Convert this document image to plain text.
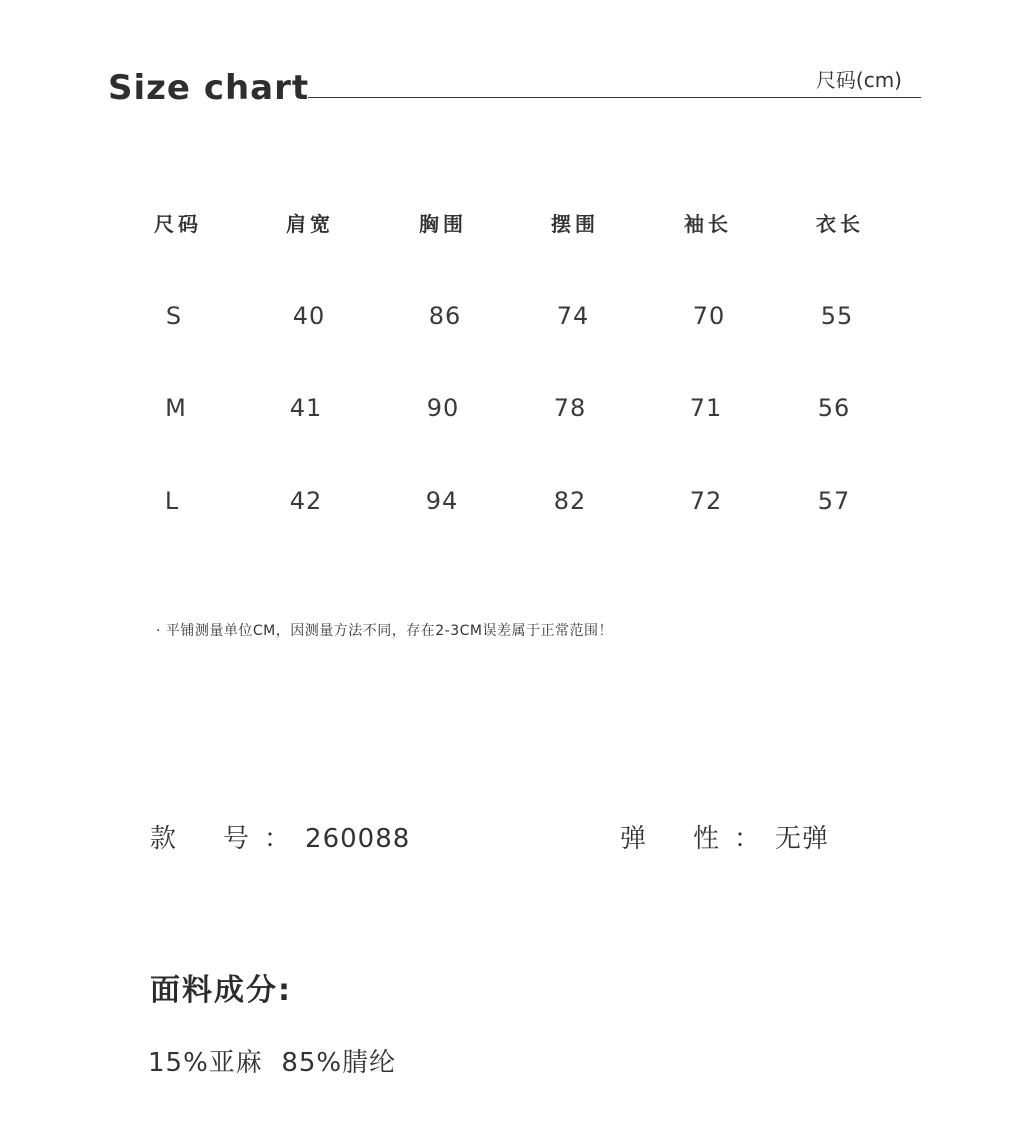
Size chart	尺码(cm)
尺码	肩宽	胸围	摆围	袖长	衣长
S	40	86	74	70	55
M	41	90	78	71	56
L	42	94	82	72	57
· 平铺测量单位CM，因测量方法不同，存在2-3CM误差属于正常范围！
款 号 ： 260088	弹 性 ： 无弹
面料成分:
15%亚麻  85%腈纶
